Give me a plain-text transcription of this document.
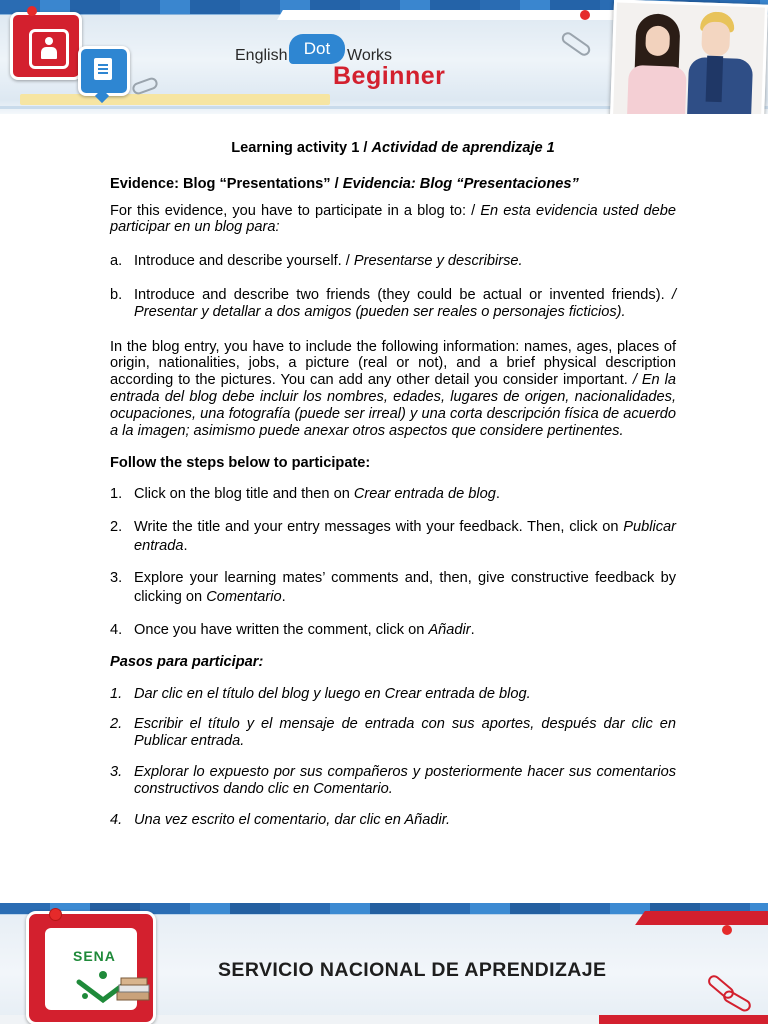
English Dot	Works
Beginner

Learning activity 1 / Actividad de aprendizaje 1

Evidence: Blog “Presentations” / Evidencia: Blog “Presentaciones”

For this evidence, you have to participate in a blog to: / En esta evidencia usted debe participar en un blog para:

a. Introduce and describe yourself. / Presentarse y describirse.
b. Introduce and describe two friends (they could be actual or invented friends). / Presentar y detallar a dos amigos (pueden ser reales o personajes ficticios).

In the blog entry, you have to include the following information: names, ages, places of origin, nationalities, jobs, a picture (real or not), and a brief physical description according to the pictures. You can add any other detail you consider important. / En la entrada del blog debe incluir los nombres, edades, lugares de origen, nacionalidades, ocupaciones, una fotografía (puede ser irreal) y una corta descripción física de acuerdo a la imagen; asimismo puede anexar otros aspectos que considere pertinentes.

Follow the steps below to participate:

1. Click on the blog title and then on Crear entrada de blog.
2. Write the title and your entry messages with your feedback. Then, click on Publicar entrada.
3. Explore your learning mates’ comments and, then, give constructive feedback by clicking on Comentario.
4. Once you have written the comment, click on Añadir.

Pasos para participar:

1. Dar clic en el título del blog y luego en Crear entrada de blog.
2. Escribir el título y el mensaje de entrada con sus aportes, después dar clic en Publicar entrada.
3. Explorar lo expuesto por sus compañeros y posteriormente hacer sus comentarios constructivos dando clic en Comentario.
4. Una vez escrito el comentario, dar clic en Añadir.
SENA
SERVICIO NACIONAL DE APRENDIZAJE
